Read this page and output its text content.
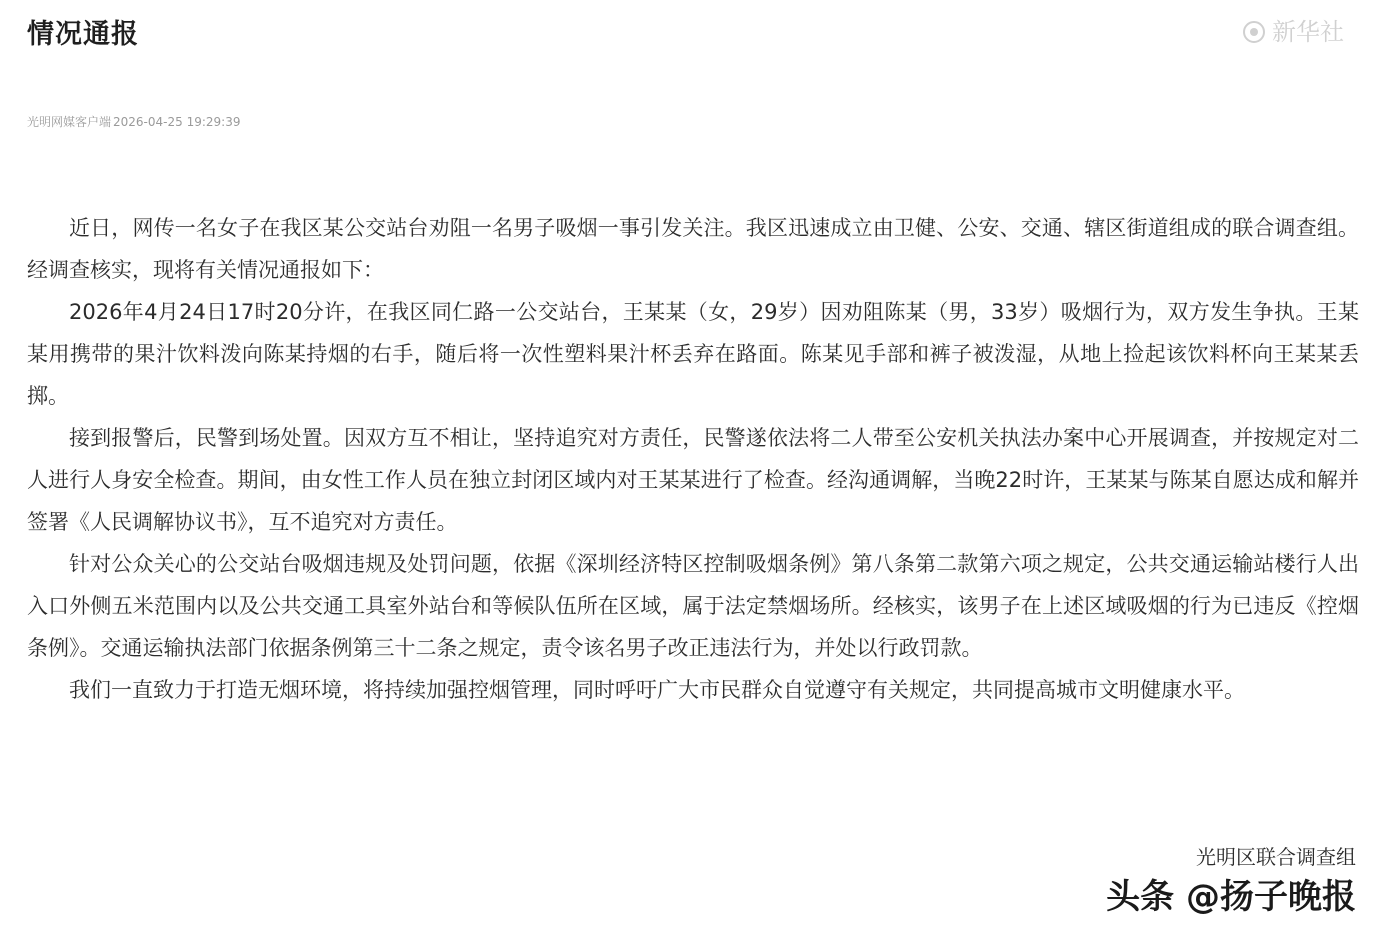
情况通报
光明网媒客户端 2026-04-25 19:29:39

近日，网传一名女子在我区某公交站台劝阻一名男子吸烟一事引发关注。我区迅速成立由卫健、公安、交通、辖区街道组成的联合调查组。经调查核实，现将有关情况通报如下：

2026年4月24日17时20分许，在我区同仁路一公交站台，王某某（女，29岁）因劝阻陈某（男，33岁）吸烟行为，双方发生争执。王某某用携带的果汁饮料泼向陈某持烟的右手，随后将一次性塑料果汁杯丢弃在路面。陈某见手部和裤子被泼湿，从地上捡起该饮料杯向王某某丢掷。

接到报警后，民警到场处置。因双方互不相让，坚持追究对方责任，民警遂依法将二人带至公安机关执法办案中心开展调查，并按规定对二人进行人身安全检查。期间，由女性工作人员在独立封闭区域内对王某某进行了检查。经沟通调解，当晚22时许，王某某与陈某自愿达成和解并签署《人民调解协议书》，互不追究对方责任。

针对公众关心的公交站台吸烟违规及处罚问题，依据《深圳经济特区控制吸烟条例》第八条第二款第六项之规定，公共交通运输站楼行人出入口外侧五米范围内以及公共交通工具室外站台和等候队伍所在区域，属于法定禁烟场所。经核实，该男子在上述区域吸烟的行为已违反《控烟条例》。交通运输执法部门依据条例第三十二条之规定，责令该名男子改正违法行为，并处以行政罚款。

我们一直致力于打造无烟环境，将持续加强控烟管理，同时呼吁广大市民群众自觉遵守有关规定，共同提高城市文明健康水平。

光明区联合调查组
新华社
头条 @扬子晚报
